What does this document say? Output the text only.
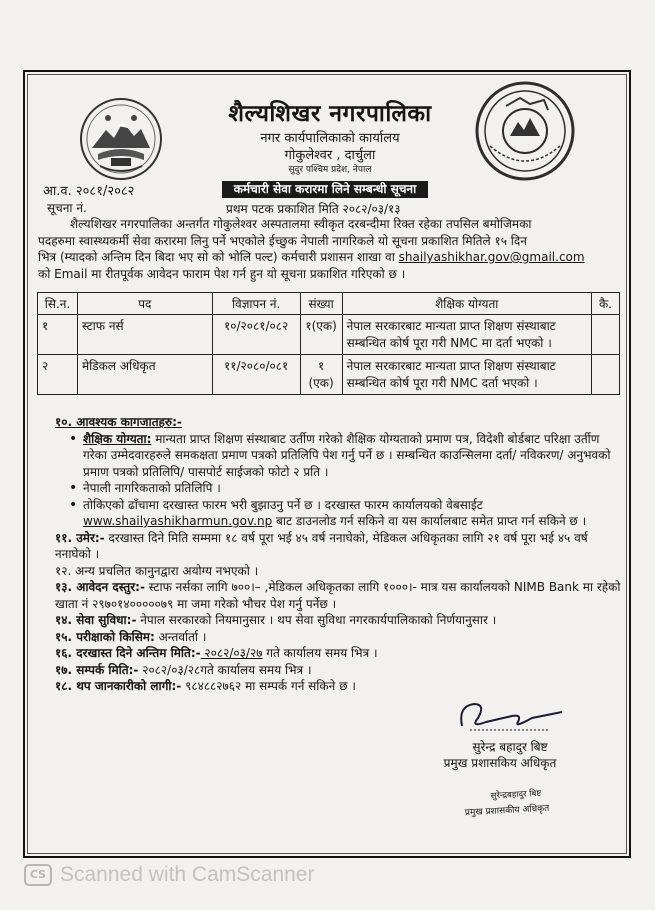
शैल्यशिखर नगरपालिका
नगर कार्यपालिकाको कार्यालय
गोकुलेश्वर , दार्चुला
सुदुर पश्चिम प्रदेश, नेपाल
आ.व. २०८१/२०८२
सूचना नं.
कर्मचारी सेवा करारमा लिने सम्बन्धी सूचना
प्रथम पटक प्रकाशित मिति २०८२/०३/१३
शैल्यशिखर नगरपालिका अन्तर्गत गोकुलेश्वर अस्पतालमा स्वीकृत दरबन्दीमा रिक्त रहेका तपसिल बमोजिमका
पदहरुमा स्वास्थ्यकर्मी सेवा करारमा लिनु पर्ने भएकोले ईच्छुक नेपाली नागरिकले यो सूचना प्रकाशित मितिले १५ दिन
भित्र (म्यादको अन्तिम दिन बिदा भए सो को भोलि पल्ट) कर्मचारी प्रशासन शाखा वा shailyashikhar.gov@gmail.com
को Email मा रीतपूर्वक आवेदन फाराम पेश गर्न हुन यो सूचना प्रकाशित गरिएको छ ।
सि.न.	पद	विज्ञापन नं.	संख्या	शैक्षिक योग्यता	कै.
१	स्टाफ नर्स	१०/२०८१/०८२	१(एक)	नेपाल सरकारबाट मान्यता प्राप्त शिक्षण संस्थाबाट सम्बन्धित कोर्ष पूरा गरी NMC मा दर्ता भएको ।	
२	मेडिकल अधिकृत	११/२०८०/०८१	१ (एक)	नेपाल सरकारबाट मान्यता प्राप्त शिक्षण संस्थाबाट सम्बन्धित कोर्ष पूरा गरी NMC दर्ता भएको ।	
१०. आवश्यक कागजातहरु:-
• शैक्षिक योग्यता: मान्यता प्राप्त शिक्षण संस्थाबाट उर्तीण गरेको शैक्षिक योग्यताको प्रमाण पत्र, विदेशी बोर्डबाट परिक्षा उर्तीण गरेका उम्मेदवारहरुले समकक्षता प्रमाण पत्रको प्रतिलिपि पेश गर्नु पर्ने छ । सम्बन्धित काउन्सिलमा दर्ता/ नविकरण/ अनुभवको प्रमाण पत्रको प्रतिलिपि/ पासपोर्ट साईजको फोटो २ प्रति ।
• नेपाली नागरिकताको प्रतिलिपि ।
• तोकिएको ढाँचामा दरखास्त फारम भरी बुझाउनु पर्ने छ । दरखास्त फारम कार्यालयको वेबसाईट
www.shailyashikharmun.gov.np बाट डाउनलोड गर्न सकिने वा यस कार्यालबाट समेत प्राप्त गर्न सकिने छ ।
११. उमेर:- दरखास्त दिने मिति सम्ममा १८ वर्ष पूरा भई ४५ वर्ष ननाघेको, मेडिकल अधिकृतका लागि २१ वर्ष पूरा भई ४५ वर्ष ननाघेको ।
१२. अन्य प्रचलित कानुनद्वारा अयोग्य नभएको ।
१३. आवेदन दस्तुर:- स्टाफ नर्सका लागि ७००।– ,मेडिकल अधिकृतका लागि १०००।- मात्र यस कार्यालयको NIMB Bank मा रहेको खाता नं २९७०१४०००००७९ मा जमा गरेको भौचर पेश गर्नु पर्नेछ ।
१४. सेवा सुविधा:- नेपाल सरकारको नियमानुसार । थप सेवा सुविधा नगरकार्यपालिकाको निर्णयानुसार ।
१५. परीक्षाको किसिम: अन्तर्वार्ता ।
१६. दरखास्त दिने अन्तिम मिति:- २०८२/०३/२७ गते कार्यालय समय भित्र ।
१७. सम्पर्क मिति:- २०८२/०३/२८गते कार्यालय समय भित्र ।
१८. थप जानकारीको लागी:- ९८४८८२७६२ मा सम्पर्क गर्न सकिने छ ।
सुरेन्द्र बहादुर बिष्ट
प्रमुख प्रशासकिय अधिकृत
सुरेन्द्रबहादुर बिष्ट
प्रमुख प्रशासकीय अधिकृत
CS Scanned with CamScanner
